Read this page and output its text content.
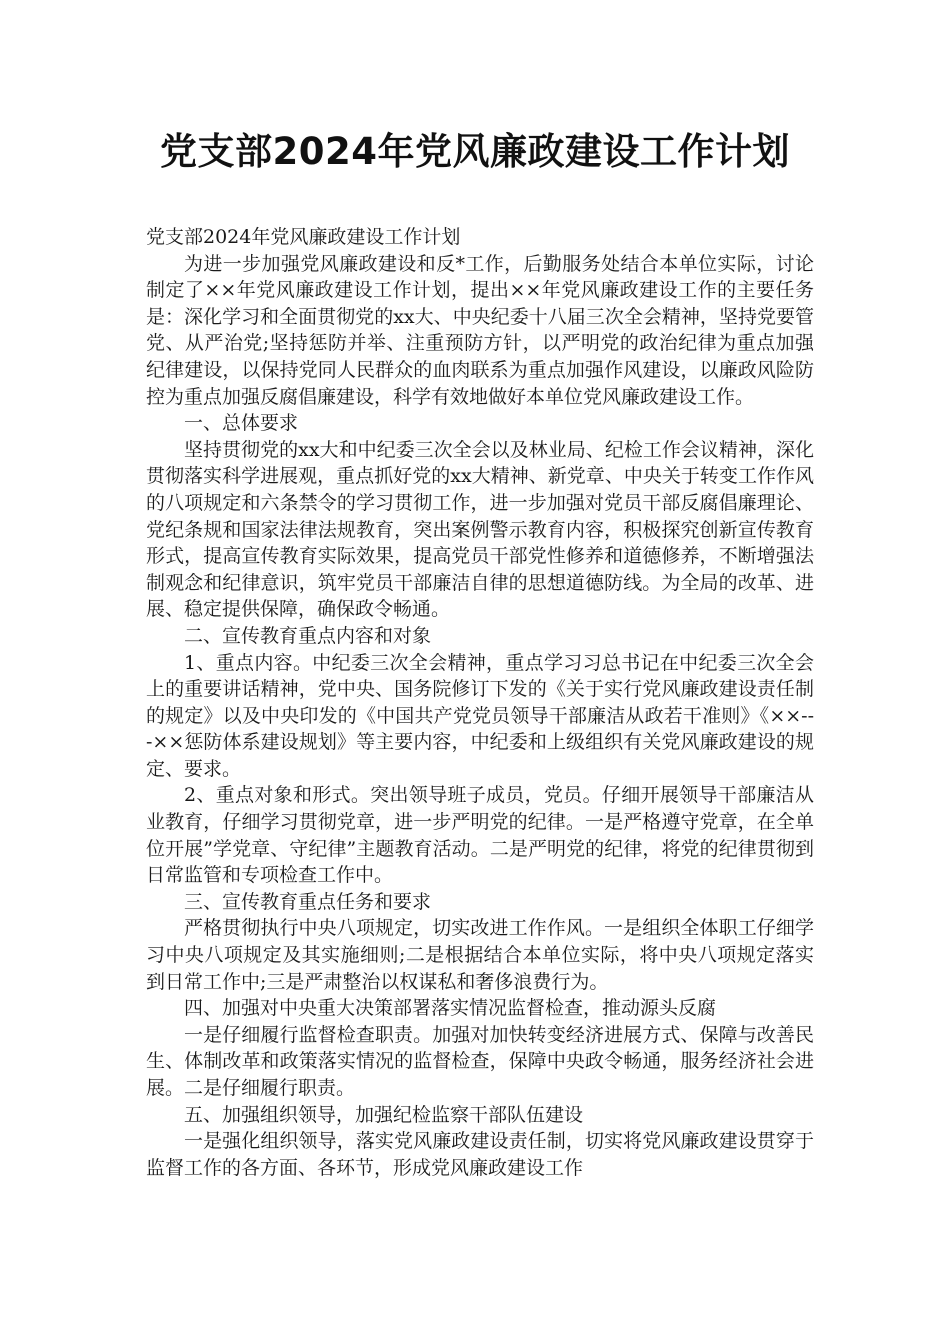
党支部2024年党风廉政建设工作计划

党支部2024年党风廉政建设工作计划

为进一步加强党风廉政建设和反*工作，后勤服务处结合本单位实际，讨论制定了××年党风廉政建设工作计划，提出××年党风廉政建设工作的主要任务是：深化学习和全面贯彻党的xx大、中央纪委十八届三次全会精神，坚持党要管党、从严治党;坚持惩防并举、注重预防方针，以严明党的政治纪律为重点加强纪律建设，以保持党同人民群众的血肉联系为重点加强作风建设，以廉政风险防控为重点加强反腐倡廉建设，科学有效地做好本单位党风廉政建设工作。

一、总体要求

坚持贯彻党的xx大和中纪委三次全会以及林业局、纪检工作会议精神，深化贯彻落实科学进展观，重点抓好党的xx大精神、新党章、中央关于转变工作作风的八项规定和六条禁令的学习贯彻工作，进一步加强对党员干部反腐倡廉理论、党纪条规和国家法律法规教育，突出案例警示教育内容，积极探究创新宣传教育形式，提高宣传教育实际效果，提高党员干部党性修养和道德修养，不断增强法制观念和纪律意识，筑牢党员干部廉洁自律的思想道德防线。为全局的改革、进展、稳定提供保障，确保政令畅通。

二、宣传教育重点内容和对象

1、重点内容。中纪委三次全会精神，重点学习习总书记在中纪委三次全会上的重要讲话精神，党中央、国务院修订下发的《关于实行党风廉政建设责任制的规定》以及中央印发的《中国共产党党员领导干部廉洁从政若干准则》《××---××惩防体系建设规划》等主要内容，中纪委和上级组织有关党风廉政建设的规定、要求。

2、重点对象和形式。突出领导班子成员，党员。仔细开展领导干部廉洁从业教育，仔细学习贯彻党章，进一步严明党的纪律。一是严格遵守党章，在全单位开展”学党章、守纪律”主题教育活动。二是严明党的纪律，将党的纪律贯彻到日常监管和专项检查工作中。

三、宣传教育重点任务和要求

严格贯彻执行中央八项规定，切实改进工作作风。一是组织全体职工仔细学习中央八项规定及其实施细则;二是根据结合本单位实际，将中央八项规定落实到日常工作中;三是严肃整治以权谋私和奢侈浪费行为。

四、加强对中央重大决策部署落实情况监督检查，推动源头反腐

一是仔细履行监督检查职责。加强对加快转变经济进展方式、保障与改善民生、体制改革和政策落实情况的监督检查，保障中央政令畅通，服务经济社会进展。二是仔细履行职责。

五、加强组织领导，加强纪检监察干部队伍建设

一是强化组织领导，落实党风廉政建设责任制，切实将党风廉政建设贯穿于监督工作的各方面、各环节，形成党风廉政建设工作
